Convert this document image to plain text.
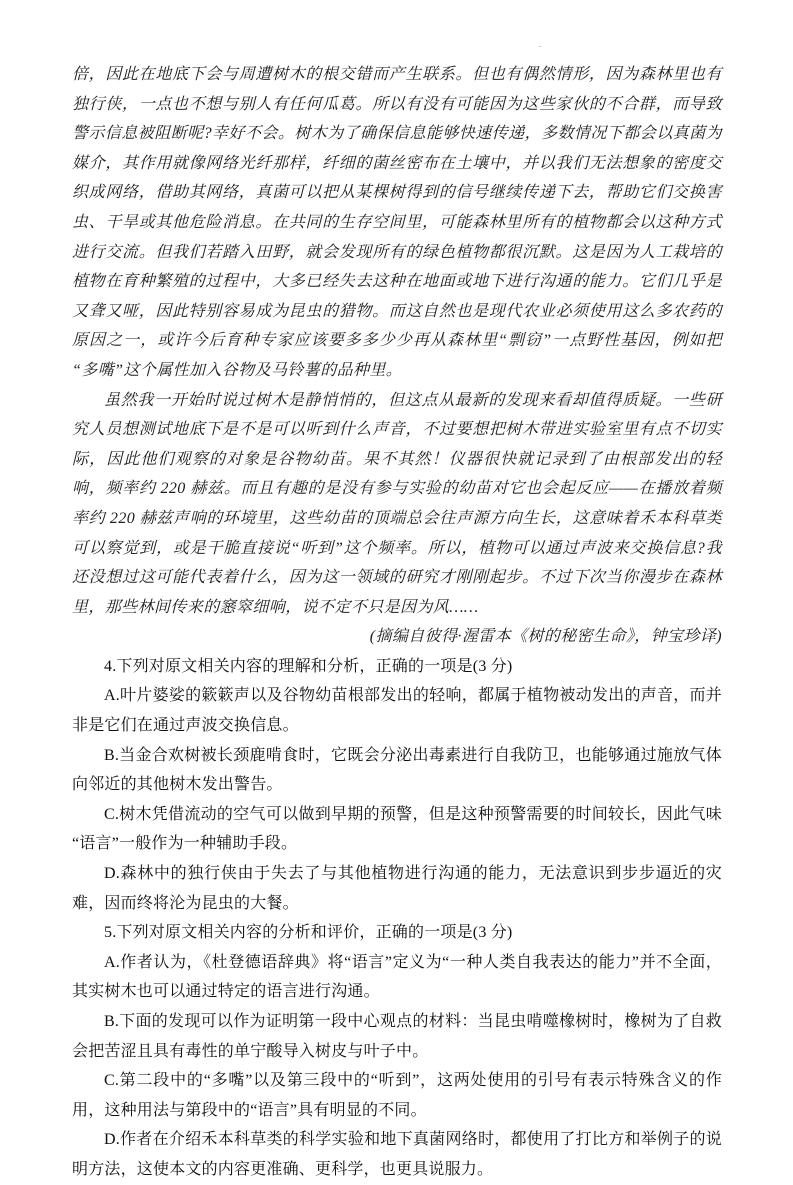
·

倍，因此在地底下会与周遭树木的根交错而产生联系。但也有偶然情形，因为森林里也有独行侠，一点也不想与别人有任何瓜葛。所以有没有可能因为这些家伙的不合群，而导致警示信息被阻断呢?幸好不会。树木为了确保信息能够快速传递，多数情况下都会以真菌为媒介，其作用就像网络光纤那样，纤细的菌丝密布在土壤中，并以我们无法想象的密度交织成网络，借助其网络，真菌可以把从某棵树得到的信号继续传递下去，帮助它们交换害虫、干旱或其他危险消息。在共同的生存空间里，可能森林里所有的植物都会以这种方式进行交流。但我们若踏入田野，就会发现所有的绿色植物都很沉默。这是因为人工栽培的植物在育种繁殖的过程中，大多已经失去这种在地面或地下进行沟通的能力。它们几乎是又聋又哑，因此特别容易成为昆虫的猎物。而这自然也是现代农业必须使用这么多农药的原因之一，或许今后育种专家应该要多多少少再从森林里“剽窃”一点野性基因，例如把“多嘴”这个属性加入谷物及马铃薯的品种里。

虽然我一开始时说过树木是静悄悄的，但这点从最新的发现来看却值得质疑。一些研究人员想测试地底下是不是可以听到什么声音，不过要想把树木带进实验室里有点不切实际，因此他们观察的对象是谷物幼苗。果不其然！仪器很快就记录到了由根部发出的轻响，频率约 220 赫兹。而且有趣的是没有参与实验的幼苗对它也会起反应——在播放着频率约 220 赫兹声响的环境里，这些幼苗的顶端总会往声源方向生长，这意味着禾本科草类可以察觉到，或是干脆直接说“听到”这个频率。所以，植物可以通过声波来交换信息?我还没想过这可能代表着什么，因为这一领域的研究才刚刚起步。不过下次当你漫步在森林里，那些林间传来的窸窣细响，说不定不只是因为风……

(摘编自彼得·渥雷本《树的秘密生命》，钟宝珍译)

4.下列对原文相关内容的理解和分析，正确的一项是(3 分)

A.叶片婆娑的簌簌声以及谷物幼苗根部发出的轻响，都属于植物被动发出的声音，而并非是它们在通过声波交换信息。

B.当金合欢树被长颈鹿啃食时，它既会分泌出毒素进行自我防卫，也能够通过施放气体向邻近的其他树木发出警告。

C.树木凭借流动的空气可以做到早期的预警，但是这种预警需要的时间较长，因此气味“语言”一般作为一种辅助手段。

D.森林中的独行侠由于失去了与其他植物进行沟通的能力，无法意识到步步逼近的灾难，因而终将沦为昆虫的大餐。

5.下列对原文相关内容的分析和评价，正确的一项是(3 分)

A.作者认为，《杜登德语辞典》将“语言”定义为“一种人类自我表达的能力”并不全面，其实树木也可以通过特定的语言进行沟通。

B.下面的发现可以作为证明第一段中心观点的材料：当昆虫啃噬橡树时，橡树为了自救会把苦涩且具有毒性的单宁酸导入树皮与叶子中。

C.第二段中的“多嘴”以及第三段中的“听到”，这两处使用的引号有表示特殊含义的作用，这种用法与第段中的“语言”具有明显的不同。

D.作者在介绍禾本科草类的科学实验和地下真菌网络时，都使用了打比方和举例子的说明方法，这使本文的内容更准确、更科学，也更具说服力。
